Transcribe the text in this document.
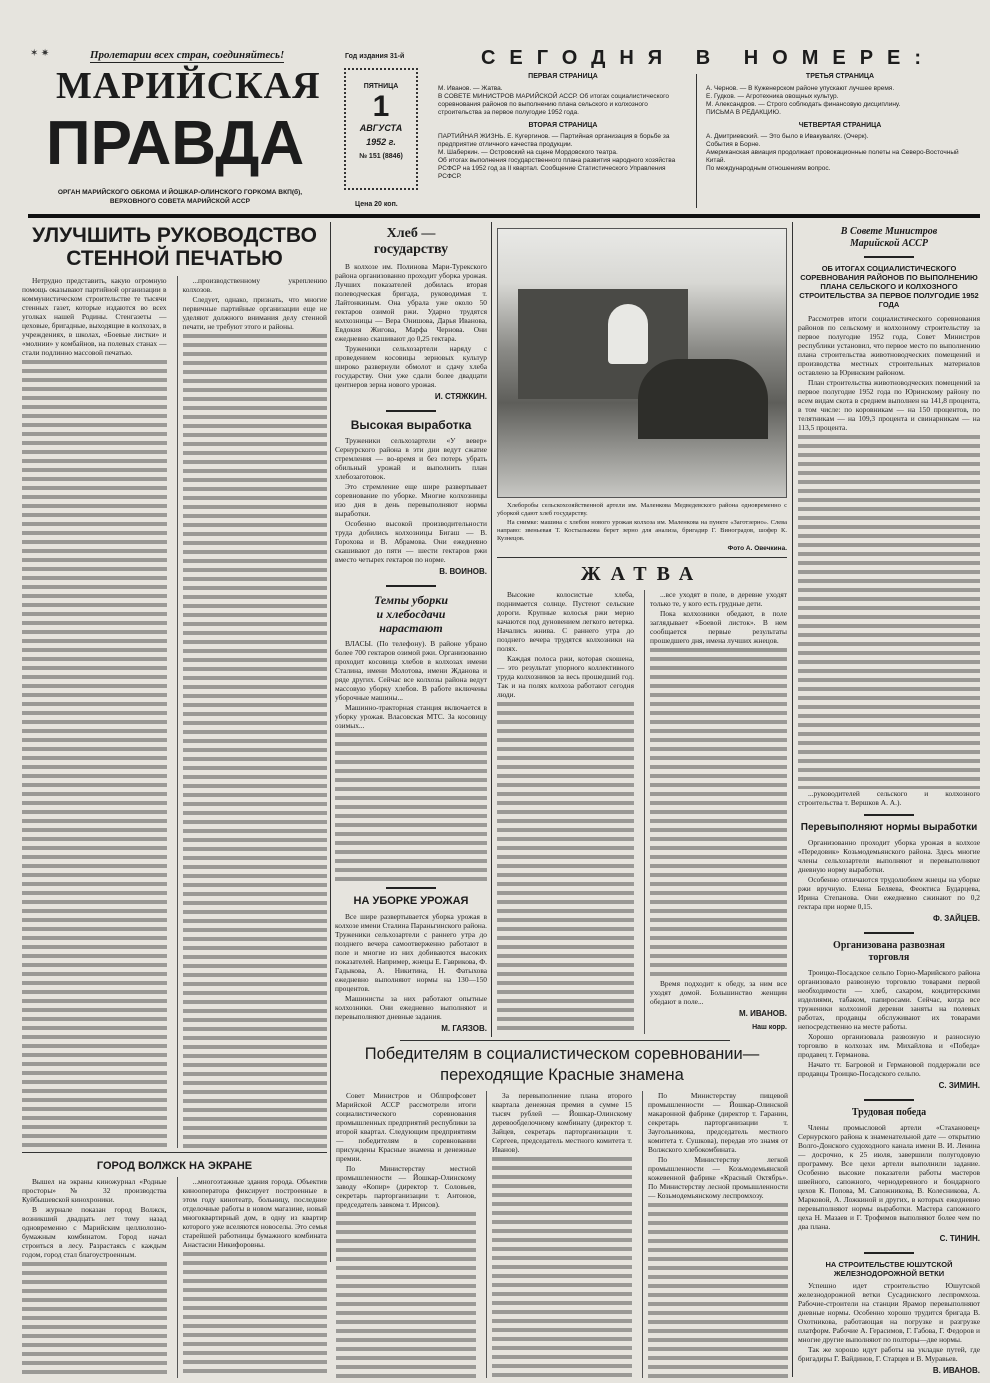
✶ ✷	Пролетарии всех стран, соединяйтесь!	Год издания 31-й
МАРИЙСКАЯ
ПРАВДА
ОРГАН МАРИЙСКОГО ОБКОМА И ЙОШКАР-ОЛИНСКОГО ГОРКОМА ВКП(б),
ВЕРХОВНОГО СОВЕТА МАРИЙСКОЙ АССР
ПЯТНИЦА
1
АВГУСТА
1952 г.
№ 151 (8846)
Цена 20 коп.
СЕГОДНЯ В НОМЕРЕ:
ПЕРВАЯ СТРАНИЦА
М. Иванов. — Жатва.
В СОВЕТЕ МИНИСТРОВ МАРИЙСКОЙ АССР. Об итогах социалистического соревнования районов по выполнению плана сельского и колхозного строительства за первое полугодие 1952 года.
ВТОРАЯ СТРАНИЦА
ПАРТИЙНАЯ ЖИЗНЬ. Е. Кугергинов. — Партийная организация в борьбе за предприятие отличного качества продукции.
М. Шаберкин. — Островский на сцене Мордовского театра.
Об итогах выполнения государственного плана развития народного хозяйства РСФСР на 1952 год за II квартал. Сообщение Статистического Управления РСФСР.
ТРЕТЬЯ СТРАНИЦА
А. Чернов. — В Куженерском районе упускают лучшее время.
Е. Гудков. — Агротехника овощных культур.
М. Александров. — Строго соблюдать финансовую дисциплину.
ПИСЬМА В РЕДАКЦИЮ.
ЧЕТВЕРТАЯ СТРАНИЦА
А. Дмитриевский. — Это было в Ивакувалях. (Очерк).
События в Борне.
Американская авиация продолжает провокационные полеты на Северо-Восточный Китай.
По международным отношениям вопрос.
УЛУЧШИТЬ РУКОВОДСТВО
СТЕННОЙ ПЕЧАТЬЮ

Нетрудно представить, какую огромную помощь оказывают партийной организации в коммунистическом строительстве те тысячи стенных газет, которые издаются во всех уголках нашей Родины. Стенгазеты — цеховые, бригадные, выходящие в колхозах, в учреждениях, в школах, «Боевые листки» и «молнии» у комбайнов, на полевых станах — стали подлинно массовой печатью.

...производственному укреплению колхозов.

Следует, однако, признать, что многие первичные партийные организации еще не уделяют должного внимания делу стенной печати, не требуют этого и районы.

Хлеб —
государству

В колхозе им. Полинова Мари-Турекского района организованно проходит уборка урожая. Лучших показателей добилась вторая полеводческая бригада, руководимая т. Лайтонкиным. Она убрала уже около 50 гектаров озимой ржи. Ударно трудятся колхозницы — Вера Онишова, Дарья Иванова, Евдокия Жигова, Марфа Чернова. Они ежедневно скашивают до 0,25 гектара.

Труженики сельхозартели наряду с проведением косовицы зерновых культур широко развернули обмолот и сдачу хлеба государству. Они уже сдали более двадцати центнеров зерна нового урожая.

И. СТЯЖКИН.
Высокая выработка

Труженики сельхозартели «У вевер» Сернурского района в эти дни ведут сжатие стремления — во-время и без потерь убрать обильный урожай и выполнить план хлебозаготовок.

Это стремление еще шире развертывает соревнование по уборке. Многие колхозницы изо дня в день перевыполняют нормы выработки.

Особенно высокой производительности труда добились колхозницы Бигаш — В. Горохова и В. Абрамова. Они ежедневно скашивают до пяти — шести гектаров ржи вместо четырех гектаров по норме.

В. ВОИНОВ.
Темпы уборки
и хлебосдачи
нарастают

ВЛАСЫ. (По телефону). В районе убрано более 700 гектаров озимой ржи. Организованно проходит косовица хлебов в колхозах имени Сталина, имени Молотова, имени Жданова и ряде других. Сейчас все колхозы района ведут массовую уборку хлебов. В работе включены уборочные машины...

Машинно-тракторная станция включается в уборку урожая. Власовская МТС. За косовицу озимых...

НА УБОРКЕ УРОЖАЯ

Все шире развертывается уборка урожая в колхозе имени Сталина Параньгинского района. Труженики сельхозартели с раннего утра до позднего вечера самоотверженно работают в поле и многие из них добиваются высоких показателей. Например, жнецы Е. Гаврикова, Ф. Гадыкова, А. Никитина, Н. Фатыхова ежедневно выполняют нормы на 130—150 процентов.

Машинисты за них работают опытные колхозники. Они ежедневно выполняют и перевыполняют дневные задания.

М. ГАЯЗОВ.

Хлеборобы сельскохозяйственной артели им. Маленкова Медведевского района одновременно с уборкой сдают хлеб государству.

На снимке: машина с хлебом нового урожая колхоза им. Маленкова на пункте «Заготзерно». Слева направо: звеньевая Т. Костылькова берет зерно для анализа, бригадир Г. Виноградов, шофер К. Кузнецов.

Фото А. Овечкина.
ЖАТВА

Высокие колосистые хлеба, поднимается солнце. Пустеют сельские дороги. Крупные колосья ржи мерно качаются под дуновением легкого ветерка. Начались жнива. С раннего утра до позднего вечера трудятся колхозники на полях.

Каждая полоса ржи, которая скошена, — это результат упорного коллективного труда колхозников за весь прошедший год. Так и на полях колхоза работают сегодня люди.

...все уходят в поле, в деревне уходят только те, у кого есть грудные дети.

Пока колхозники обедают, в поле заглядывает «Боевой листок». В нем сообщается первые результаты прошедшего дня, имена лучших жнецов.

Время подходит к обеду, за ним все уходят домой. Большинство женщин обедают в поле...

М. ИВАНОВ.
Наш корр.
В Совете Министров
Марийской АССР
ОБ ИТОГАХ СОЦИАЛИСТИЧЕСКОГО СОРЕВНОВАНИЯ РАЙОНОВ ПО ВЫПОЛНЕНИЮ ПЛАНА СЕЛЬСКОГО И КОЛХОЗНОГО СТРОИТЕЛЬСТВА ЗА ПЕРВОЕ ПОЛУГОДИЕ 1952 ГОДА

Рассмотрев итоги социалистического соревнования районов по сельскому и колхозному строительству за первое полугодие 1952 года, Совет Министров республики установил, что первое место по выполнению плана строительства животноводческих помещений и производства местных строительных материалов оставлено за Юринским районом.

План строительства животноводческих помещений за первое полугодие 1952 года по Юринскому району по всем видам скота в среднем выполнен на 141,8 процента, в том числе: по коровникам — на 150 процентов, по телятникам — на 109,3 процента и свинарникам — на 113,5 процента.

...руководителей сельского и колхозного строительства т. Вершков А. А.).

Перевыполняют нормы выработки

Организованно проходит уборка урожая в колхозе «Передовик» Козьмодемьянского района. Здесь многие члены сельхозартели выполняют и перевыполняют дневную норму выработки.

Особенно отличаются трудолюбием жнецы на уборке ржи вручную. Елена Беляева, Феоктиса Бударцева, Ирина Степанова. Они ежедневно сжинают по 0,2 гектара при норме 0,15.

Ф. ЗАЙЦЕВ.
Организована развозная
торговля

Троицко-Посадское сельпо Горно-Марийского района организовало развозную торговлю товарами первой необходимости — хлеб, сахаром, кондитерскими изделиями, табаком, папиросами. Сейчас, когда все труженики колхозной деревни заняты на полевых работах, продавцы обслуживают их товарами непосредственно на месте работы.

Хорошо организовала развозную и разносную торговлю в колхозах им. Михайлова и «Победа» продавец т. Германова.

Начато тт. Багровой и Германовой поддержали все продавцы Троицко-Посадского сельпо.

С. ЗИМИН.
Трудовая победа

Члены промысловой артели «Стахановец» Сернурского района к знаменательной дате — открытию Волго-Донского судоходного канала имени В. И. Ленина — досрочно, к 25 июля, завершили полугодовую программу. Все цехи артели выполнили задание. Особенно высокие показатели работы мастеров швейного, сапожного, чернодеревного и бондарного цехов К. Попова, М. Сапожникова, В. Колесникова, А. Марковой, А. Ложкиной и других, в которых ежедневно перевыполняют нормы выработки. Мастера сапожного цеха Н. Мазаев и Г. Трофимов выполняют более чем по два плана.

С. ТИНИН.
НА СТРОИТЕЛЬСТВЕ ЮШУТСКОЙ ЖЕЛЕЗНОДОРОЖНОЙ ВЕТКИ

Успешно идет строительство Юшутской железнодорожной ветки Сусадинского леспромхоза. Рабочие-строители на станции Ярамор перевыполняют дневные нормы. Особенно хорошо трудится бригада В. Охотникова, работающая на погрузке и разгрузке платформ. Рабочие А. Герасимов, Г. Габова, Г. Федоров и многие другие выполняют по полторы—две нормы.

Так же хорошо идут работы на укладке путей, где бригадиры Г. Вайдинов, Г. Старцев и В. Муравьев.

В. ИВАНОВ.
Победителям в социалистическом соревновании—
переходящие Красные знамена

Совет Министров и Облпрофсовет Марийской АССР рассмотрели итоги социалистического соревнования промышленных предприятий республики за второй квартал. Следующим предприятиям — победителям в соревновании присуждены Красные знамена и денежные премии.

По Министерству местной промышленности — Йошкар-Олинскому заводу «Копир» (директор т. Соловьев, секретарь парторганизации т. Антонов, председатель завкома т. Ирисов).

За перевыполнение плана второго квартала денежная премия в сумме 15 тысяч рублей — Йошкар-Олинскому деревообделочному комбинату (директор т. Зайцев, секретарь парторганизации т. Сергеев, председатель местного комитета т. Иванов).

По Министерству пищевой промышленности — Йошкар-Олинской макаронной фабрике (директор т. Гаранин, секретарь парторганизации т. Заугольникова, председатель местного комитета т. Сушкова), передав это знамя от Волжского хлебокомбината.

По Министерству легкой промышленности — Козьмодемьянской кожевенной фабрике «Красный Октябрь». По Министерству лесной промышленности — Козьмодемьянскому леспромхозу.

ГОРОД ВОЛЖСК НА ЭКРАНЕ

Вышел на экраны киножурнал «Родные просторы» № 32 производства Куйбышевской кинохроники.

В журнале показан город Волжск, возникший двадцать лет тому назад одновременно с Марийским целлюлозно-бумажным комбинатом. Город начал строиться в лесу. Разрастаясь с каждым годом, город стал благоустроенным.

...многоэтажные здания города. Объектив кинооператора фиксирует построенные в этом году кинотеатр, больницу, последние отделочные работы в новом магазине, новый многоквартирный дом, в одну из квартир которого уже вселяются новоселы. Это семья старейшей работницы бумажного комбината Анастасии Никифоровны.
